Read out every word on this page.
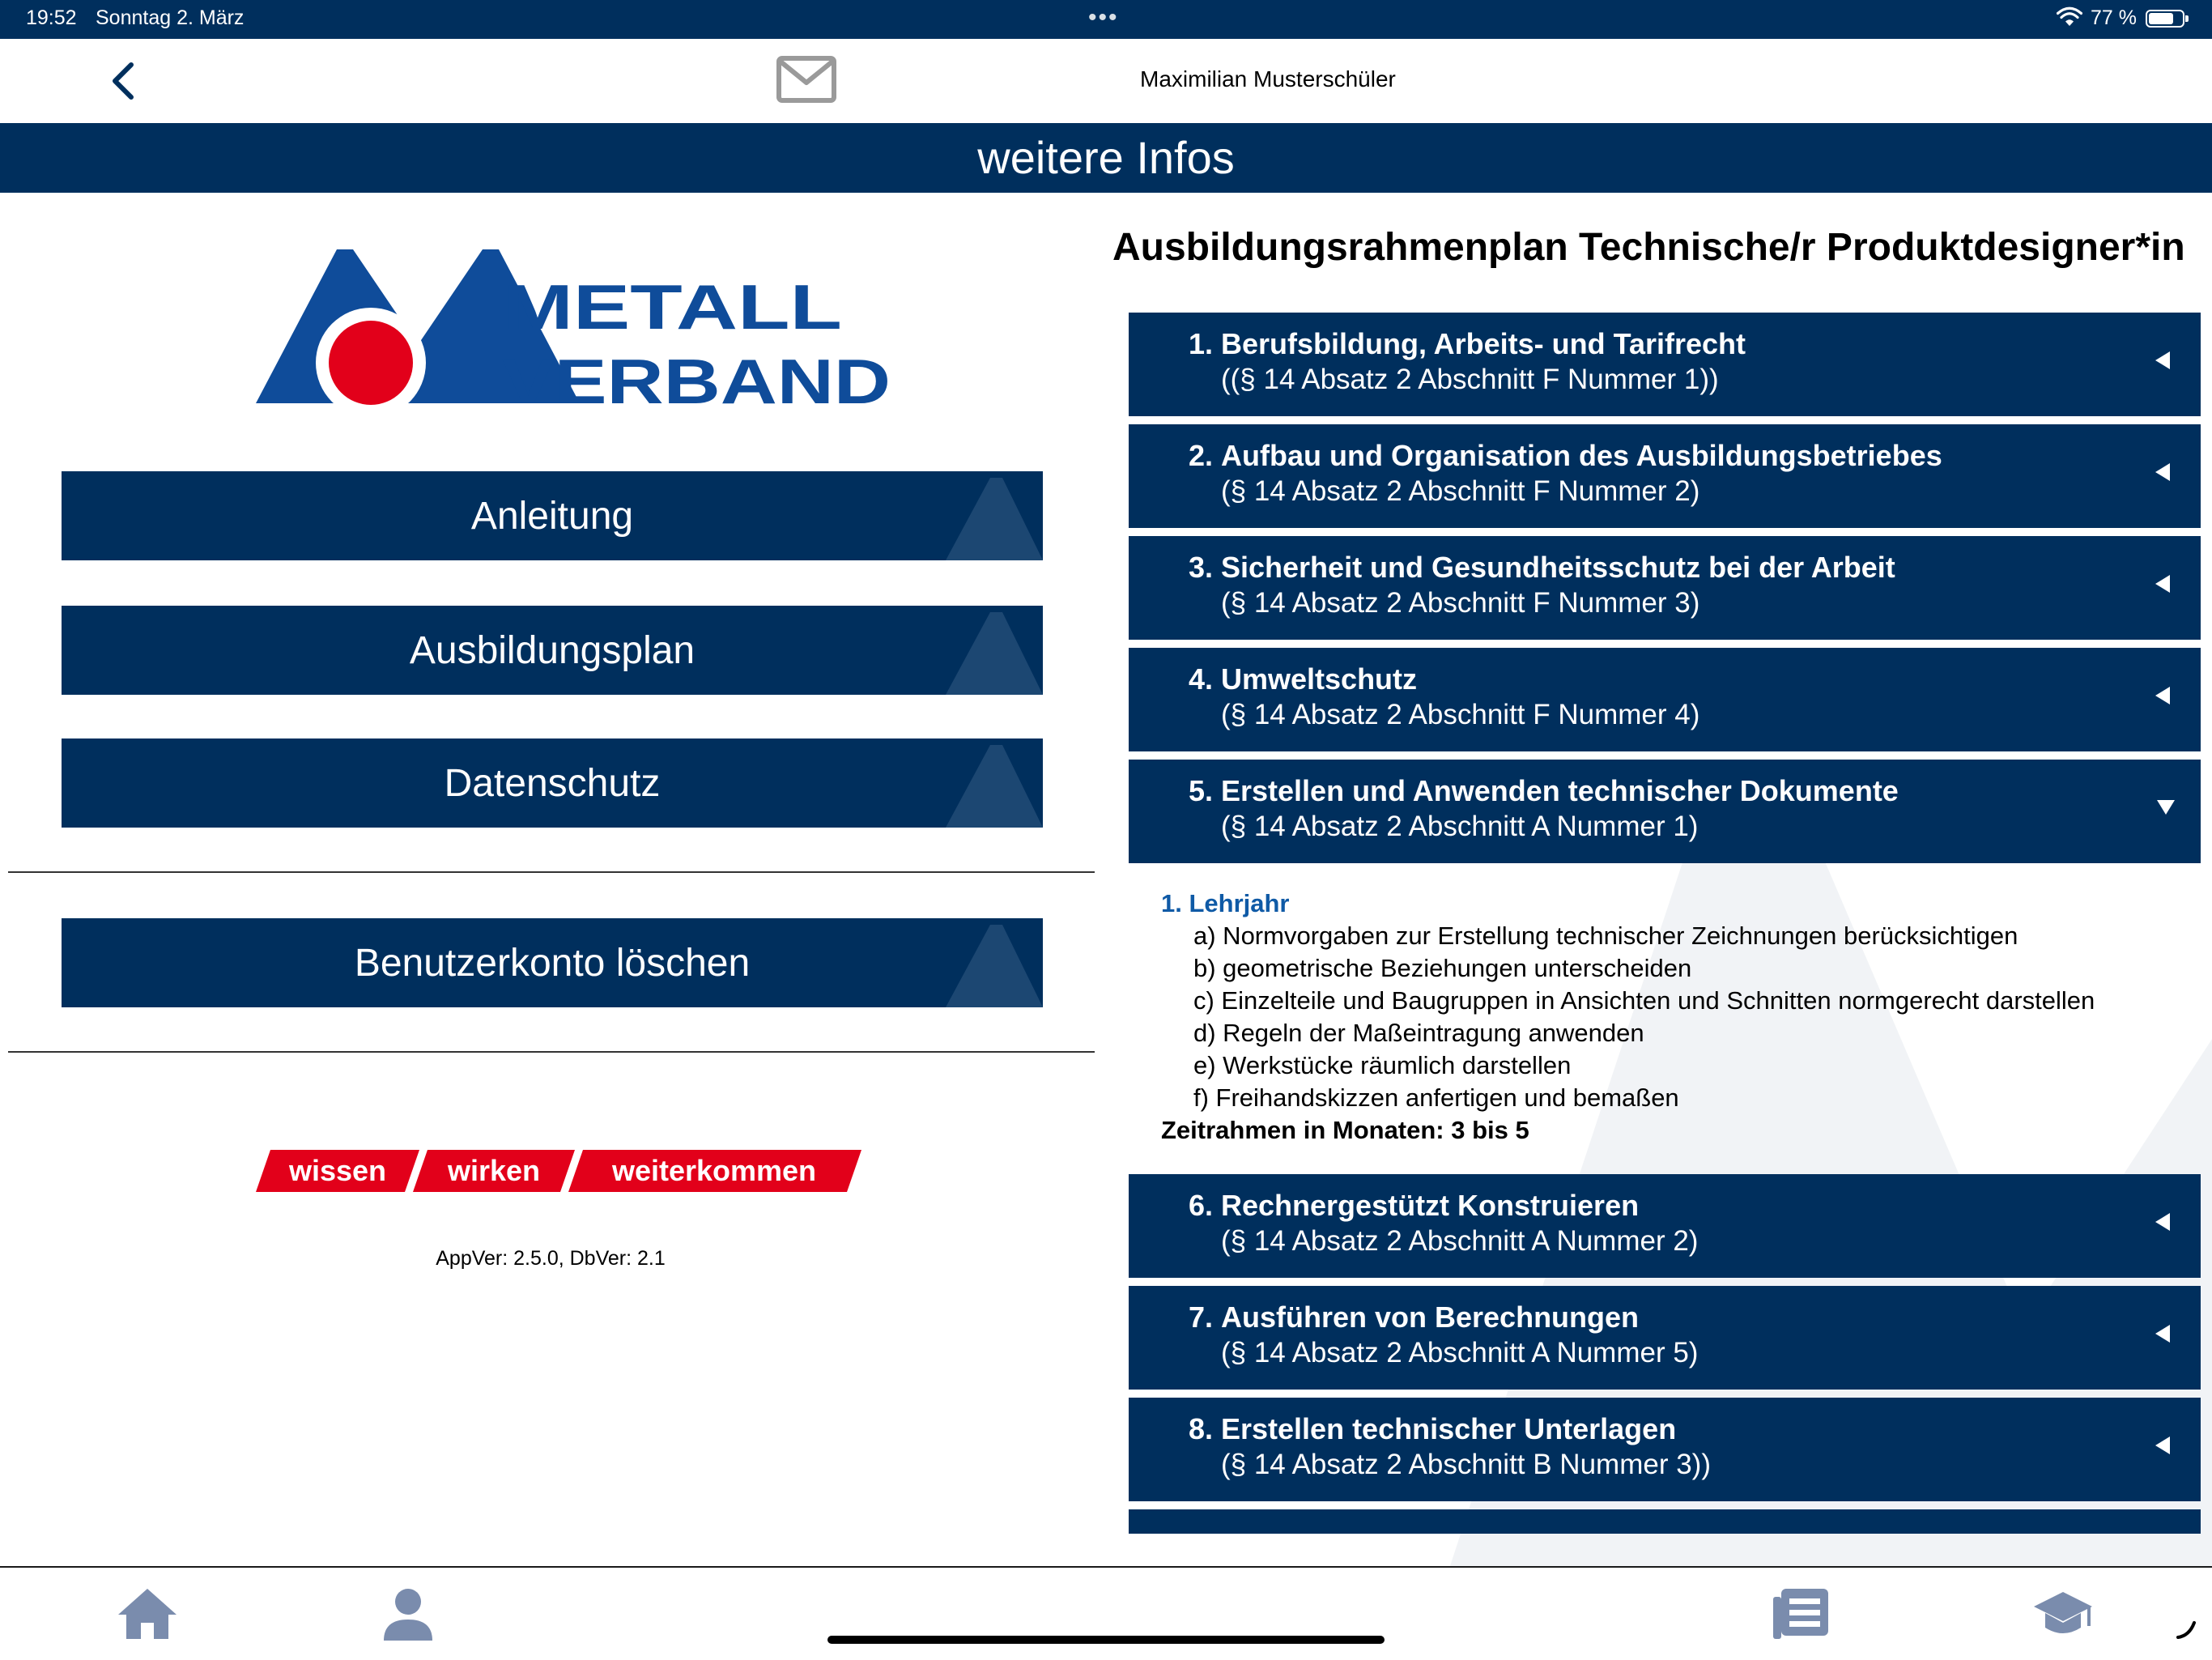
19:52 Sonntag 2. März	•••	77 %
Maximilian Musterschüler
weitere Infos
METALL
VERBAND
Anleitung
Ausbildungsplan
Datenschutz
Benutzerkonto löschen
wissen wirken weiterkommen
AppVer: 2.5.0, DbVer: 2.1
Ausbildungsrahmenplan Technische/r Produktdesigner*in
1. Berufsbildung, Arbeits- und Tarifrecht
((§ 14 Absatz 2 Abschnitt F Nummer 1))
2. Aufbau und Organisation des Ausbildungsbetriebes
(§ 14 Absatz 2 Abschnitt F Nummer 2)
3. Sicherheit und Gesundheitsschutz bei der Arbeit
(§ 14 Absatz 2 Abschnitt F Nummer 3)
4. Umweltschutz
(§ 14 Absatz 2 Abschnitt F Nummer 4)
5. Erstellen und Anwenden technischer Dokumente
(§ 14 Absatz 2 Abschnitt A Nummer 1)
1. Lehrjahr
a) Normvorgaben zur Erstellung technischer Zeichnungen berücksichtigen
b) geometrische Beziehungen unterscheiden
c) Einzelteile und Baugruppen in Ansichten und Schnitten normgerecht darstellen
d) Regeln der Maßeintragung anwenden
e) Werkstücke räumlich darstellen
f) Freihandskizzen anfertigen und bemaßen
Zeitrahmen in Monaten: 3 bis 5
6. Rechnergestützt Konstruieren
(§ 14 Absatz 2 Abschnitt A Nummer 2)
7. Ausführen von Berechnungen
(§ 14 Absatz 2 Abschnitt A Nummer 5)
8. Erstellen technischer Unterlagen
(§ 14 Absatz 2 Abschnitt B Nummer 3))
